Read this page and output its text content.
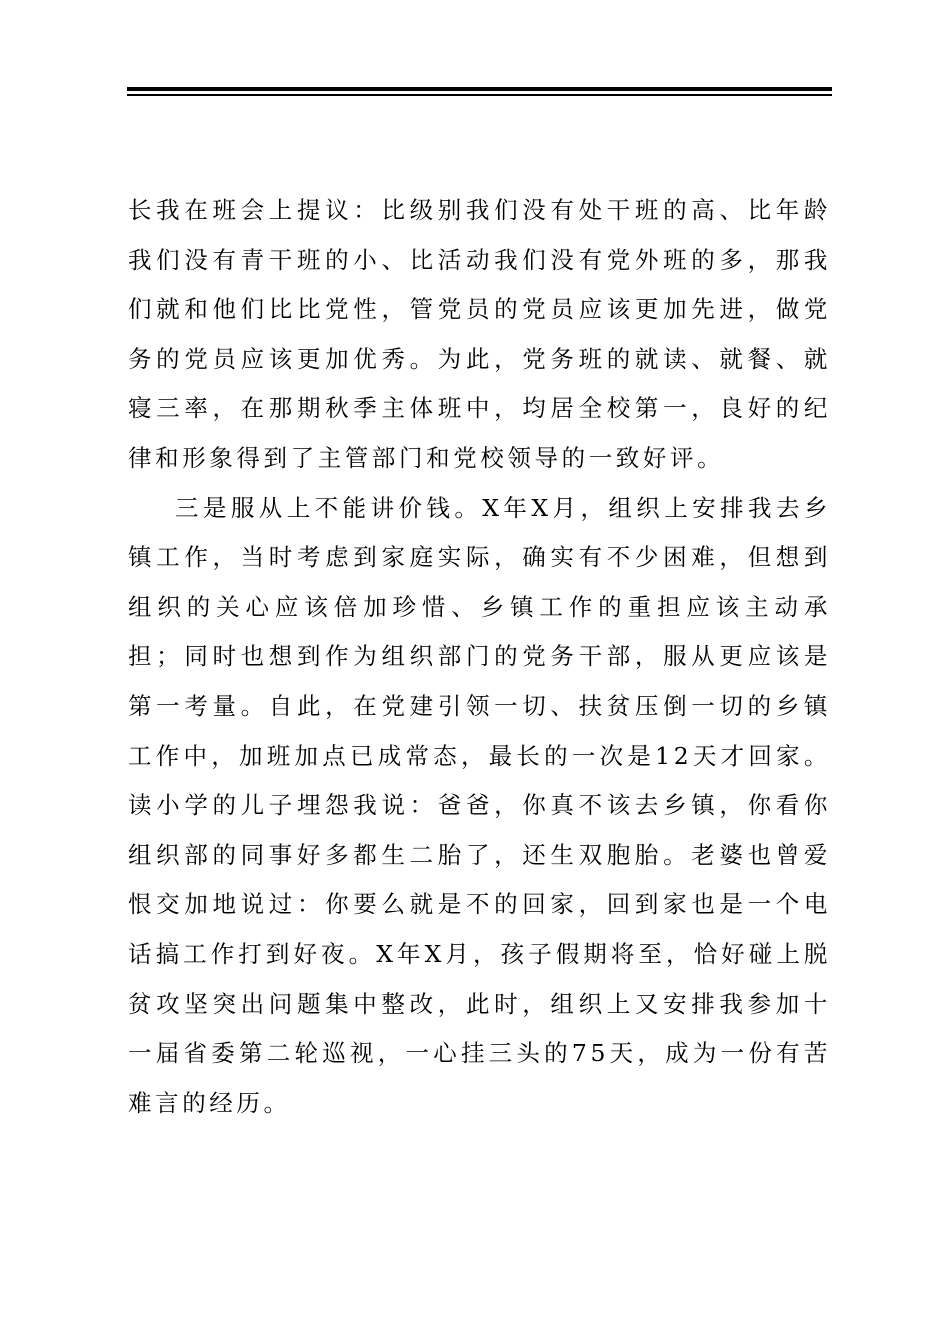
长我在班会上提议：比级别我们没有处干班的高、比年龄我们没有青干班的小、比活动我们没有党外班的多，那我们就和他们比比党性，管党员的党员应该更加先进，做党务的党员应该更加优秀。为此，党务班的就读、就餐、就寝三率，在那期秋季主体班中，均居全校第一，良好的纪律和形象得到了主管部门和党校领导的一致好评。

三是服从上不能讲价钱。X年X月，组织上安排我去乡镇工作，当时考虑到家庭实际，确实有不少困难，但想到组织的关心应该倍加珍惜、乡镇工作的重担应该主动承担；同时也想到作为组织部门的党务干部，服从更应该是第一考量。自此，在党建引领一切、扶贫压倒一切的乡镇工作中，加班加点已成常态，最长的一次是12天才回家。读小学的儿子埋怨我说：爸爸，你真不该去乡镇，你看你组织部的同事好多都生二胎了，还生双胞胎。老婆也曾爱恨交加地说过：你要么就是不的回家，回到家也是一个电话搞工作打到好夜。X年X月，孩子假期将至，恰好碰上脱贫攻坚突出问题集中整改，此时，组织上又安排我参加十一届省委第二轮巡视，一心挂三头的75天，成为一份有苦难言的经历。
